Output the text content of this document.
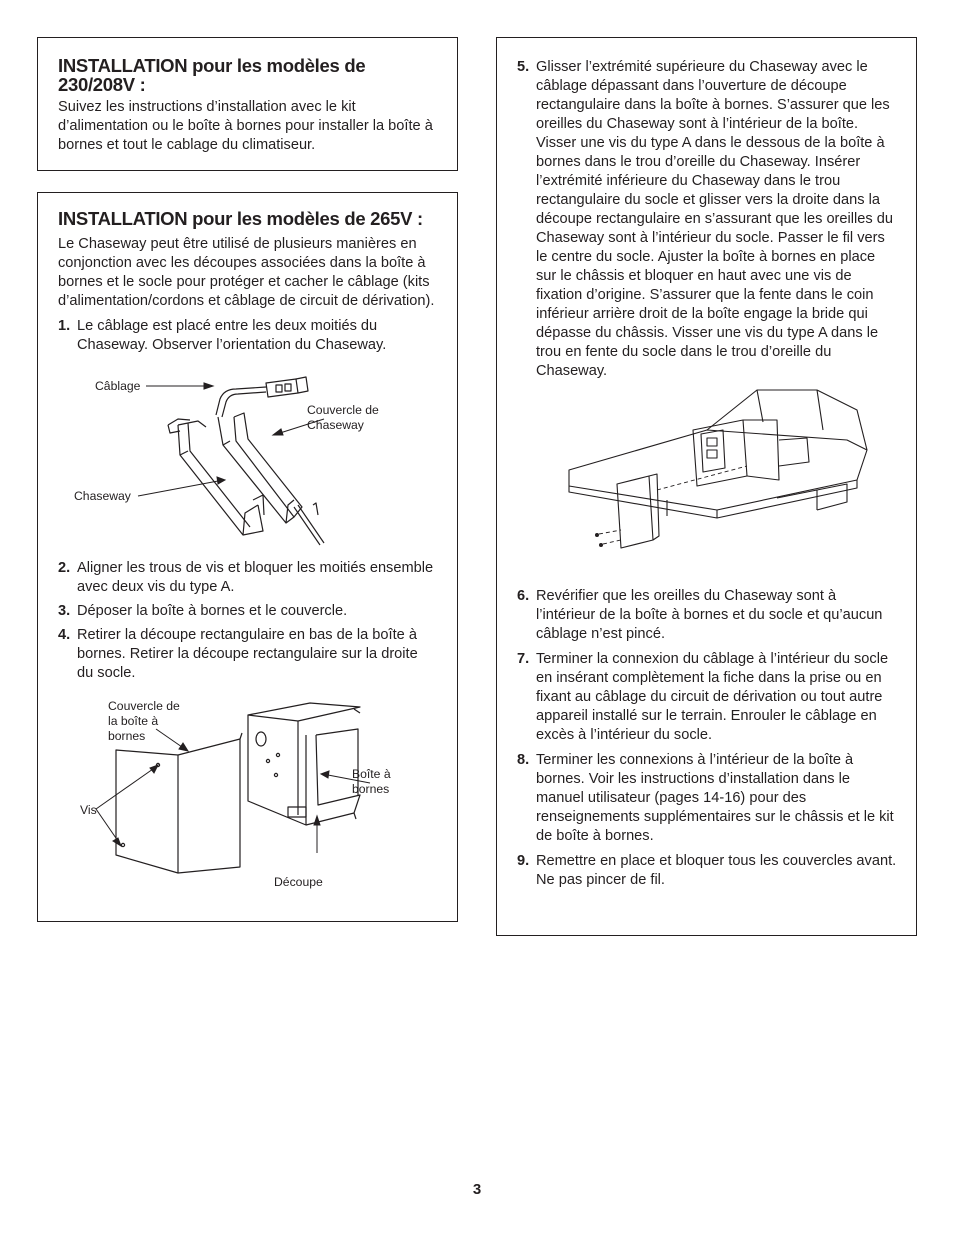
INSTALLATION pour les modèles de 230/208V :

Suivez les instructions d’installation avec le kit d’alimentation ou le boîte à bornes pour installer la boîte à bornes et tout le cablage du climatiseur.

INSTALLATION pour les modèles de 265V :

Le Chaseway peut être utilisé de plusieurs manières en conjonction avec les découpes associées dans la boîte à bornes et le socle pour protéger et cacher le câblage (kits d’alimentation/cordons et câblage de circuit de dérivation).

1. Le câblage est placé entre les deux moitiés du Chaseway. Observer l’orientation du Chaseway.
Câblage
Couvercle de Chaseway
Chaseway
2. Aligner les trous de vis et bloquer les moitiés ensemble avec deux vis du type A.
3. Déposer la boîte à bornes et le couvercle.
4. Retirer la découpe rectangulaire en bas de la boîte à bornes. Retirer la découpe rectangulaire sur la droite du socle.
Couvercle de la boîte à bornes
Vis
Boîte à bornes
Découpe
5. Glisser l’extrémité supérieure du Chaseway avec le câblage dépassant dans l’ouverture de découpe rectangulaire dans la boîte à bornes. S’assurer que les oreilles du Chaseway sont à l’intérieur de la boîte. Visser une vis du type A dans le dessous de la boîte à bornes dans le trou d’oreille du Chaseway. Insérer l’extrémité inférieure du Chaseway dans le trou rectangulaire du socle et glisser vers la droite dans la découpe rectangulaire en s’assurant que les oreilles du Chaseway sont à l’intérieur du socle. Passer le fil vers le centre du socle. Ajuster la boîte à bornes en place sur le châssis et bloquer en haut avec une vis de fixation d’origine. S’assurer que la fente dans le coin inférieur arrière droit de la boîte engage la bride qui dépasse du châssis. Visser une vis du type A dans le trou en fente du socle dans le trou d’oreille du Chaseway.
6. Revérifier que les oreilles du Chaseway sont à l’intérieur de la boîte à bornes et du socle et qu’aucun câblage n’est pincé.
7. Terminer la connexion du câblage à l’intérieur du socle en insérant complètement la fiche dans la prise ou en fixant au câblage du circuit de dérivation ou tout autre appareil installé sur le terrain. Enrouler le câblage en excès à l’intérieur du socle.
8. Terminer les connexions à l’intérieur de la boîte à bornes. Voir les instructions d’installation dans le manuel utilisateur (pages 14-16) pour des renseignements supplémentaires sur le châssis et le kit de boîte à bornes.
9. Remettre en place et bloquer tous les couvercles avant. Ne pas pincer de fil.
3
